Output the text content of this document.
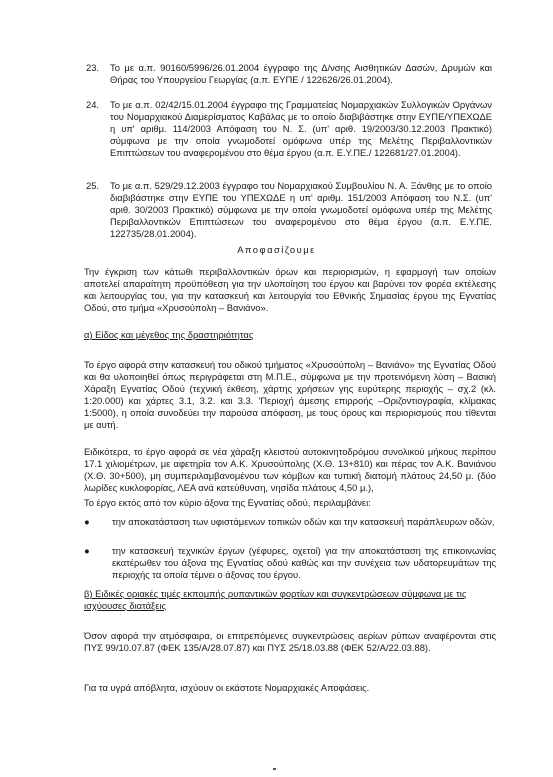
23. Το με α.π. 90160/5996/26.01.2004 έγγραφο της Δ/νσης Αισθητικών Δασών, Δρυμών και Θήρας του Υπουργείου Γεωργίας (α.π. ΕΥΠΕ / 122626/26.01.2004).
24. Το με α.π. 02/42/15.01.2004 έγγραφο της Γραμματείας Νομαρχιακών Συλλογικών Οργάνων του Νομαρχιακού Διαμερίσματος Καβάλας με το οποίο διαβιβάστηκε στην ΕΥΠΕ/ΥΠΕΧΩΔΕ η υπ' αριθμ. 114/2003 Απόφαση του Ν. Σ. (υπ' αριθ. 19/2003/30.12.2003 Πρακτικό) σύμφωνα με την οποία γνωμοδοτεί ομόφωνα υπέρ της Μελέτης Περιβαλλοντικών Επιπτώσεων του αναφερομένου στο θέμα έργου (α.π. Ε.Υ.ΠΕ./ 122681/27.01.2004).
25. Το με α.π. 529/29.12.2003 έγγραφο του Νομαρχιακού Συμβουλίου Ν. Α. Ξάνθης με το οποίο διαβιβάστηκε στην ΕΥΠΕ του ΥΠΕΧΩΔΕ η υπ' αριθμ. 151/2003 Απόφαση του Ν.Σ. (υπ' αριθ. 30/2003 Πρακτικό) σύμφωνα με την οποία γνωμοδοτεί ομόφωνα υπέρ της Μελέτης Περιβαλλοντικών Επιπτώσεων του αναφερομένου στο θέμα έργου (α.π. Ε.Υ.ΠΕ. 122735/28.01.2004).
Αποφασίζουμε
Την έγκριση των κάτωθι περιβαλλοντικών όρων και περιορισμών, η εφαρμογή των οποίων αποτελεί απαραίτητη προϋπόθεση για την υλοποίηση του έργου και βαρύνει τον φορέα εκτέλεσης και λειτουργίας του, για την κατασκευή και λειτουργία του Εθνικής Σημασίας έργου της Εγνατίας Οδού, στο τμήμα «Χρυσούπολη – Βανιάνο».
α) Είδος και μέγεθος της δραστηριότητας
Το έργο αφορά στην κατασκευή του οδικού τμήματος «Χρυσούπολη – Βανιάνο» της Εγνατίας Οδού και θα υλοποιηθεί όπως περιγράφεται στη Μ.Π.Ε., σύμφωνα με την προτεινόμενη λύση – Βασική Χάραξη Εγνατίας Οδού (τεχνική έκθεση, χάρτης χρήσεων γης ευρύτερης περιοχής – σχ.2 (κλ. 1:20.000) και χάρτες 3.1, 3.2. και 3.3. 'Περιοχή άμεσης επιρροής –Οριζοντιογραφία, κλίμακας 1:5000), η οποία συνοδεύει την παρούσα απόφαση, με τους όρους και περιορισμούς που τίθενται με αυτή.
Ειδικότερα, το έργο αφορά σε νέα χάραξη κλειστού αυτοκινητοδρόμου συνολικού μήκους περίπου 17.1 χιλιομέτρων, με αφετηρία τον Α.Κ. Χρυσούπολης (Χ.Θ. 13+810) και πέρας τον Α.Κ. Βανιάνου (Χ.Θ. 30+500), μη συμπεριλαμβανομένου των κόμβων και τυπική διατομή πλάτους 24,50 μ. (δύο λωρίδες κυκλοφορίας, ΛΕΑ ανά κατεύθυνση, νησίδα πλάτους 4,50 μ.),
Το έργο εκτός από τον κύριο άξονα της Εγνατίας οδού, περιλαμβάνει:
● την αποκατάσταση των υφιστάμενων τοπικών οδών και την κατασκευή παράπλευρων οδών,
● την κατασκευή τεχνικών έργων (γέφυρες, οχετοί) για την αποκατάσταση της επικοινωνίας εκατέρωθεν του άξονα της Εγνατίας οδού καθώς και την συνέχεια των υδατορευμάτων της περιοχής τα οποία τέμνει ο άξονας του έργου.
β) Ειδικές οριακές τιμές εκπομπής ρυπαντικών φορτίων και συγκεντρώσεων σύμφωνα με τις ισχύουσες διατάξεις
Όσον αφορά την ατμόσφαιρα, οι επιτρεπόμενες συγκεντρώσεις αερίων ρύπων αναφέρονται στις ΠΥΣ 99/10.07.87 (ΦΕΚ 135/Α/28.07.87) και ΠΥΣ 25/18.03.88 (ΦΕΚ 52/Α/22.03.88).
Για τα υγρά απόβλητα, ισχύουν οι εκάστοτε Νομαρχιακές Αποφάσεις.
